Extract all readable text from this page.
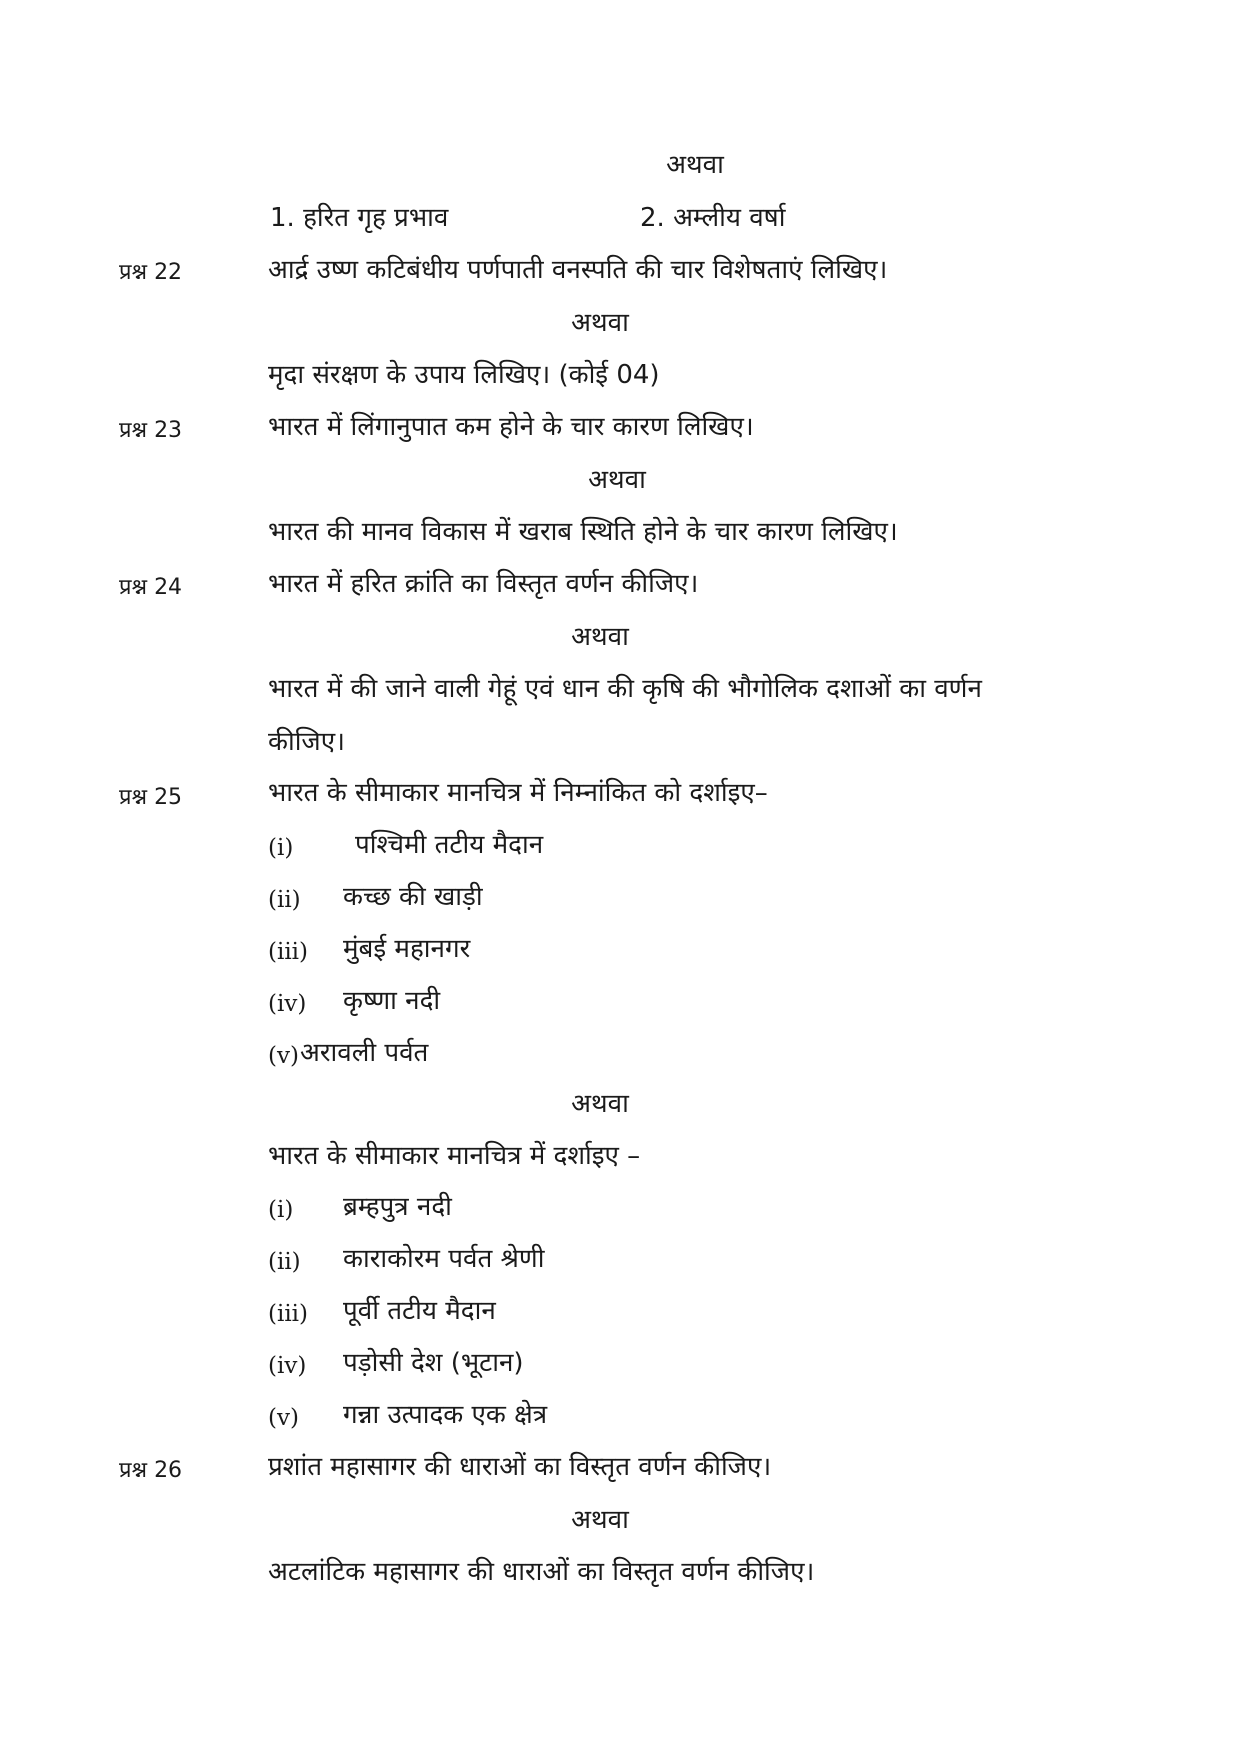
अथवा
1. हरित गृह प्रभाव	2. अम्लीय वर्षा
प्रश्न 22	आर्द्र उष्ण कटिबंधीय पर्णपाती वनस्पति की चार विशेषताएं लिखिए।
अथवा
मृदा संरक्षण के उपाय लिखिए। (कोई 04)
प्रश्न 23	भारत में लिंगानुपात कम होने के चार कारण लिखिए।
अथवा
भारत की मानव विकास में खराब स्थिति होने के चार कारण लिखिए।
प्रश्न 24	भारत में हरित क्रांति का विस्तृत वर्णन कीजिए।
अथवा
भारत में की जाने वाली गेहूं एवं धान की कृषि की भौगोलिक दशाओं का वर्णन
कीजिए।
प्रश्न 25	भारत के सीमाकार मानचित्र में निम्नांकित को दर्शाइए–
(i) पश्चिमी तटीय मैदान
(ii) कच्छ की खाड़ी
(iii) मुंबई महानगर
(iv) कृष्णा नदी
(v) अरावली पर्वत
अथवा
भारत के सीमाकार मानचित्र में दर्शाइए –
(i) ब्रम्हपुत्र नदी
(ii) काराकोरम पर्वत श्रेणी
(iii) पूर्वी तटीय मैदान
(iv) पड़ोसी देश (भूटान)
(v) गन्ना उत्पादक एक क्षेत्र
प्रश्न 26	प्रशांत महासागर की धाराओं का विस्तृत वर्णन कीजिए।
अथवा
अटलांटिक महासागर की धाराओं का विस्तृत वर्णन कीजिए।
